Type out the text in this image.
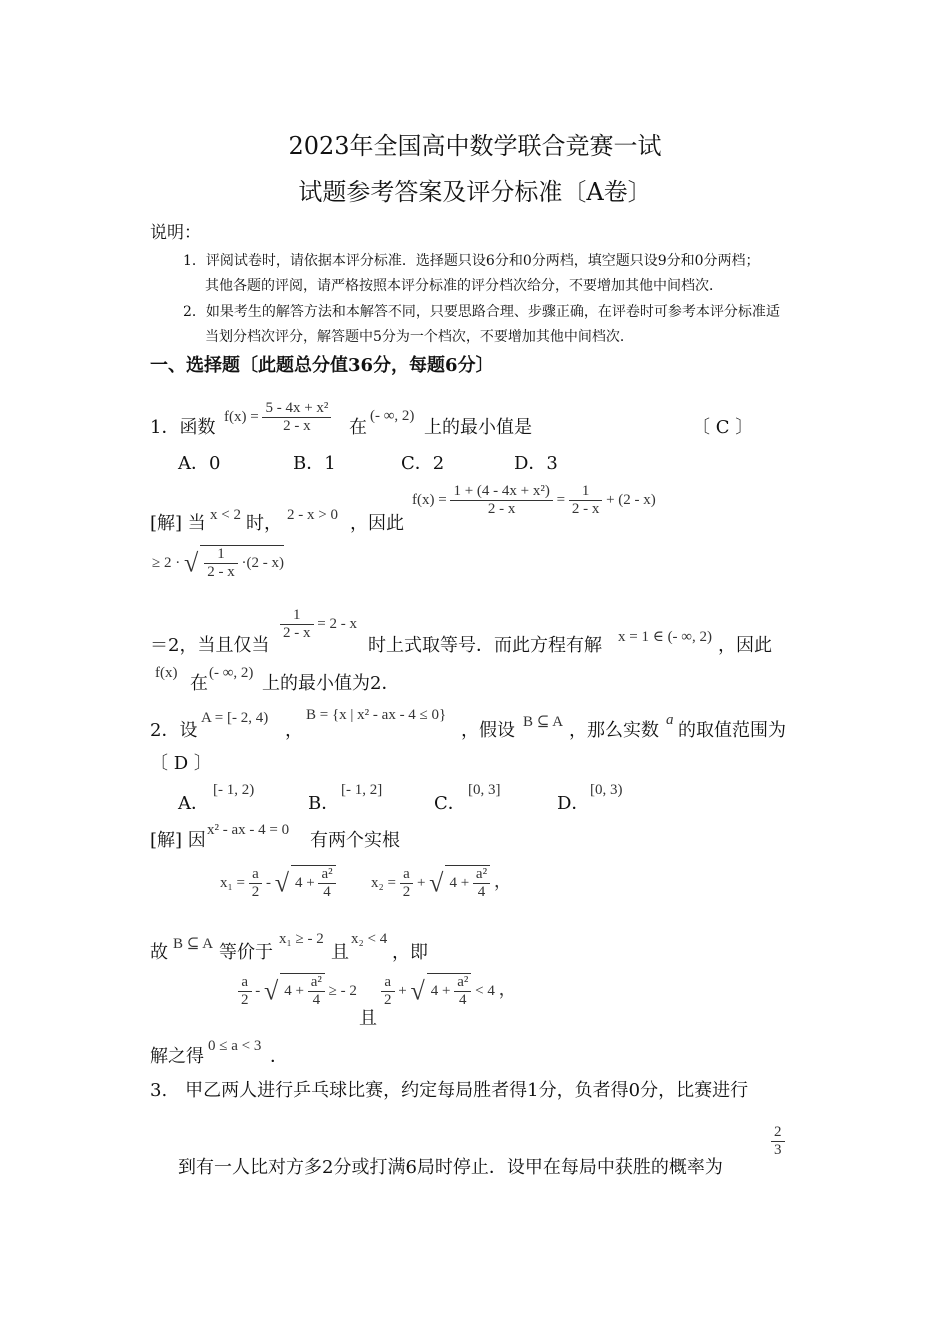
2023年全国高中数学联合竞赛一试
试题参考答案及评分标准〔A卷〕
说明：
1．评阅试卷时，请依据本评分标准．选择题只设6分和0分两档，填空题只设9分和0分两档；
其他各题的评阅，请严格按照本评分标准的评分档次给分，不要增加其他中间档次．
2．如果考生的解答方法和本解答不同，只要思路合理、步骤正确，在评卷时可参考本评分标准适
当划分档次评分，解答题中5分为一个档次，不要增加其他中间档次．
一、选择题〔此题总分值36分，每题6分〕
1．函数
$f(x) = \frac{\text{5 - 4x + x²}}{2 - x}$ 在
(- ∞, 2)
上的最小值是	〔 C 〕
A．0	B．1	C．2	D．3
[解] 当 x < 2 时， 2 - x > 0 ，因此
$f(x) = \frac{\text{1 + (4 - 4x + x²)}}{2 - x} = \frac{1}{2 - x} + (2 - x)$
≥ 2 · √ $\frac{1}{2 - x} \cdot(2 - x)$
＝2，当且仅当
$\frac{1}{2 - x} = 2 - x$
时上式取等号．而此方程有解 x = 1 ∈ (- ∞, 2) ，因此
f(x) 在 (- ∞, 2) 上的最小值为2．
2．设
A = [- 2, 4)
，
B = {x | x² - ax - 4 ≤ 0}
，假设 B ⊆ A ，那么实数 a 的取值范围为
〔 D 〕
A．
[- 1, 2)
B．
[- 1, 2]
C．
[0, 3]
D．
[0, 3)
[解] 因 x² - ax - 4 = 0 有两个实根
$x_1 = \frac{a}{2}$ - √ $4 + \frac{\text{a²}}{4} x_2 = \frac{a}{2}$ + √ $4 + \frac{\text{a²}}{4}$ ，
故 B ⊆ A 等价于
x₁ ≥ - 2
且
x₂ < 4
，即
$\frac{a}{2}$ - √ $4 + \frac{\text{a²}}{4}$ ≥ - 2
且
$\frac{a}{2}$ + √ $4 + \frac{\text{a²}}{4} < 4$ ，
解之得 0 ≤ a < 3 ．
3.　甲乙两人进行乒乓球比赛，约定每局胜者得1分，负者得0分，比赛进行
到有一人比对方多2分或打满6局时停止．设甲在每局中获胜的概率为
$\frac{2}{3}$
